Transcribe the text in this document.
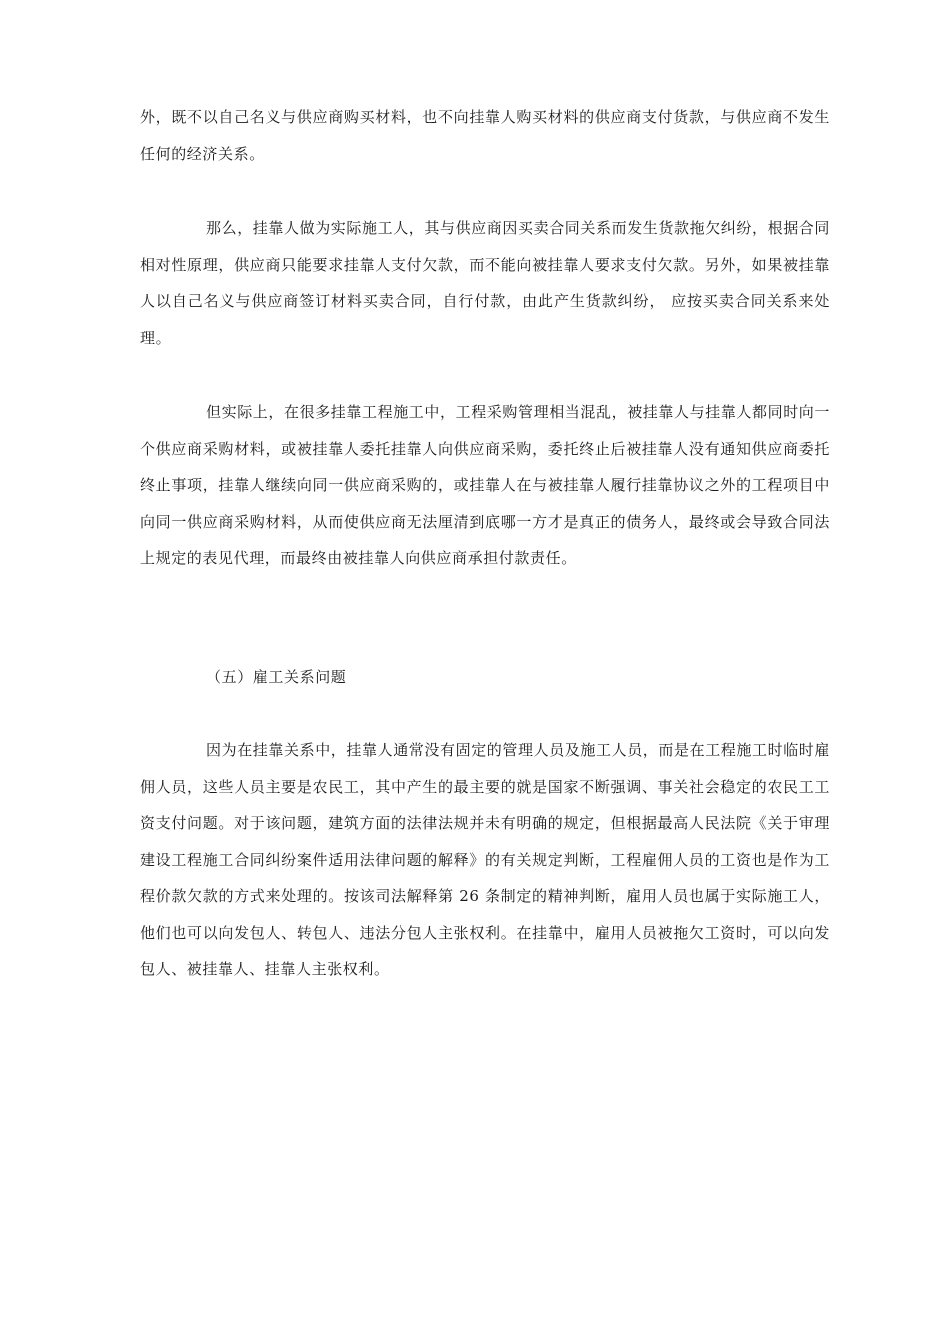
外，既不以自己名义与供应商购买材料，也不向挂靠人购买材料的供应商支付货款，与供应商不发生任何的经济关系。

那么，挂靠人做为实际施工人，其与供应商因买卖合同关系而发生货款拖欠纠纷，根据合同相对性原理，供应商只能要求挂靠人支付欠款，而不能向被挂靠人要求支付欠款。另外，如果被挂靠人以自己名义与供应商签订材料买卖合同，自行付款，由此产生货款纠纷， 应按买卖合同关系来处理。

但实际上，在很多挂靠工程施工中，工程采购管理相当混乱，被挂靠人与挂靠人都同时向一个供应商采购材料，或被挂靠人委托挂靠人向供应商采购，委托终止后被挂靠人没有通知供应商委托终止事项，挂靠人继续向同一供应商采购的，或挂靠人在与被挂靠人履行挂靠协议之外的工程项目中向同一供应商采购材料，从而使供应商无法厘清到底哪一方才是真正的债务人，最终或会导致合同法上规定的表见代理，而最终由被挂靠人向供应商承担付款责任。

（五）雇工关系问题

因为在挂靠关系中，挂靠人通常没有固定的管理人员及施工人员，而是在工程施工时临时雇佣人员，这些人员主要是农民工，其中产生的最主要的就是国家不断强调、事关社会稳定的农民工工资支付问题。对于该问题，建筑方面的法律法规并未有明确的规定，但根据最高人民法院《关于审理建设工程施工合同纠纷案件适用法律问题的解释》的有关规定判断，工程雇佣人员的工资也是作为工程价款欠款的方式来处理的。按该司法解释第 26 条制定的精神判断，雇用人员也属于实际施工人，他们也可以向发包人、转包人、违法分包人主张权利。在挂靠中，雇用人员被拖欠工资时，可以向发包人、被挂靠人、挂靠人主张权利。
